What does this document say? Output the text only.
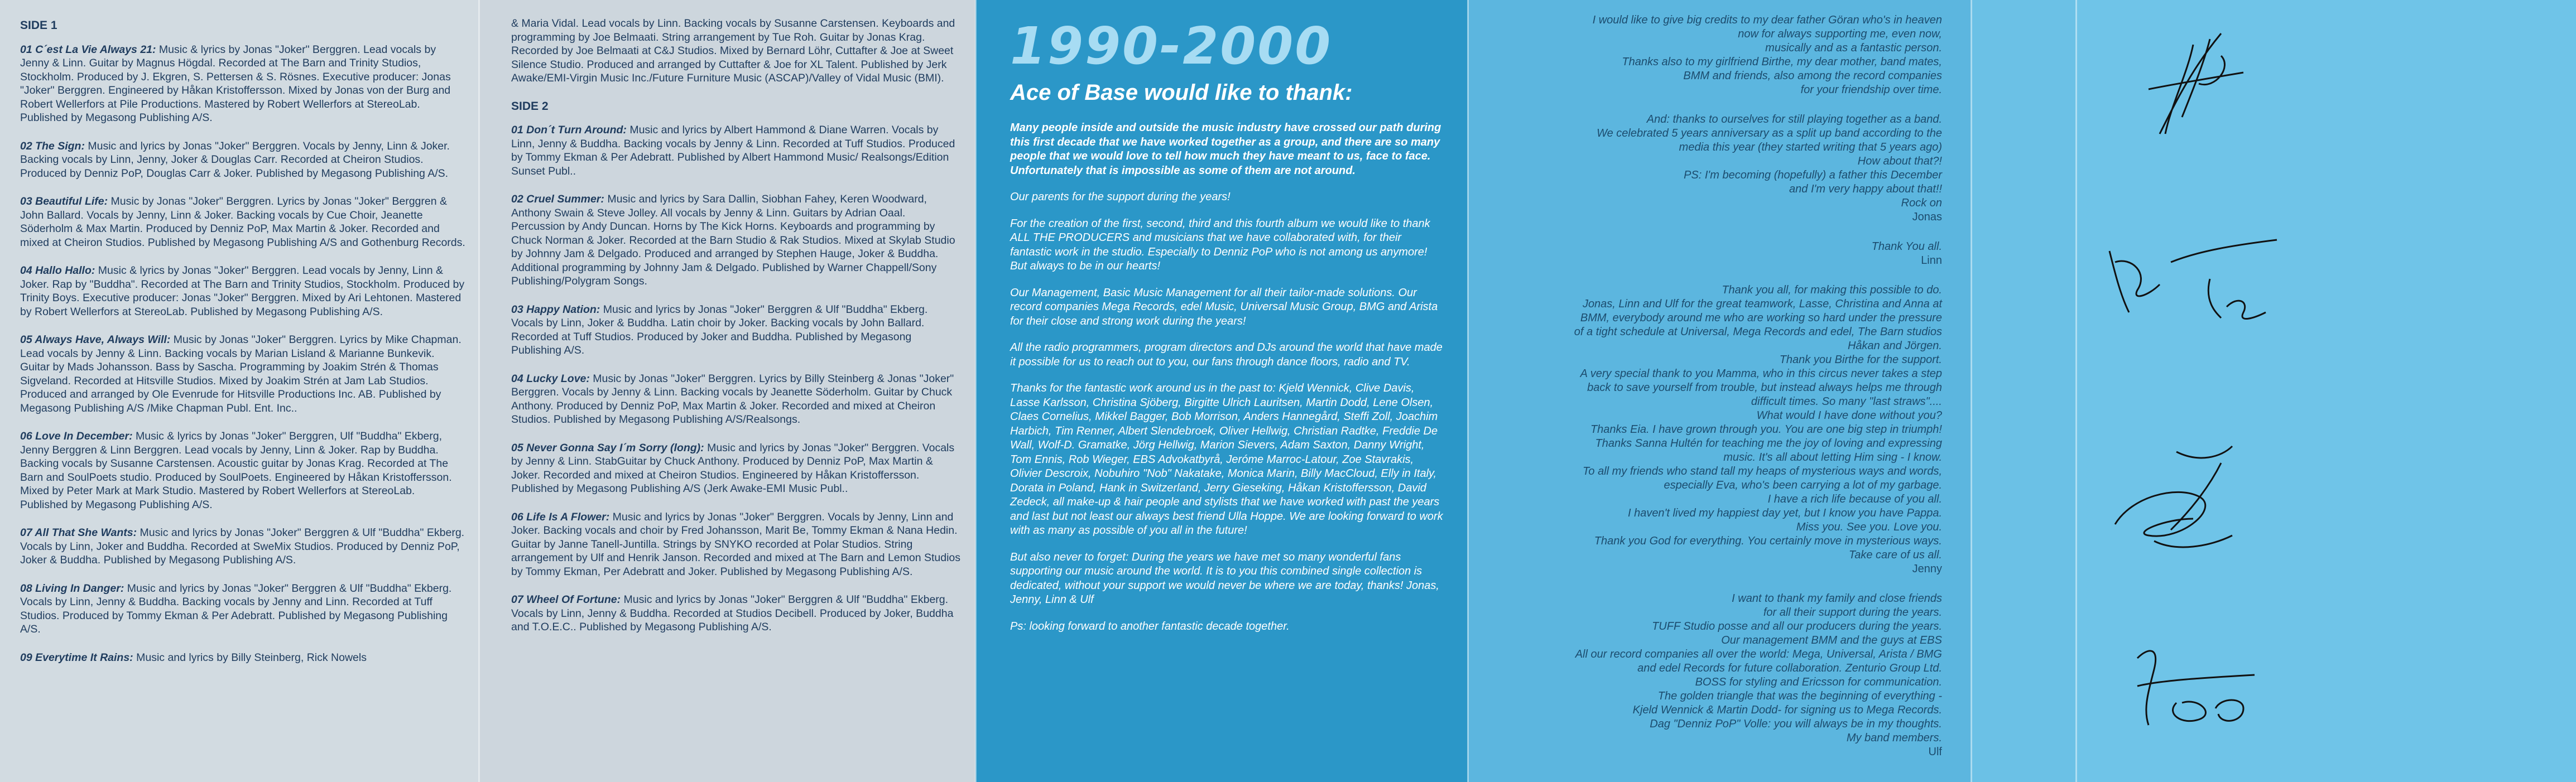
SIDE 1
01 C´est La Vie Always 21: Music & lyrics by Jonas "Joker" Berggren. Lead vocals by Jenny & Linn. Guitar by Magnus Högdal. Recorded at The Barn and Trinity Studios, Stockholm. Produced by J. Ekgren, S. Pettersen & S. Rösnes. Executive producer: Jonas "Joker" Berggren. Engineered by Håkan Kristoffersson. Mixed by Jonas von der Burg and Robert Wellerfors at Pile Productions. Mastered by Robert Wellerfors at StereoLab. Published by Megasong Publishing A/S.
02 The Sign: Music and lyrics by Jonas "Joker" Berggren. Vocals by Jenny, Linn & Joker. Backing vocals by Linn, Jenny, Joker & Douglas Carr. Recorded at Cheiron Studios. Produced by Denniz PoP, Douglas Carr & Joker. Published by Megasong Publishing A/S.
03 Beautiful Life: Music by Jonas "Joker" Berggren. Lyrics by Jonas "Joker" Berggren & John Ballard. Vocals by Jenny, Linn & Joker. Backing vocals by Cue Choir, Jeanette Söderholm & Max Martin. Produced by Denniz PoP, Max Martin & Joker. Recorded and mixed at Cheiron Studios. Published by Megasong Publishing A/S and Gothenburg Records.
04 Hallo Hallo: Music & lyrics by Jonas "Joker" Berggren. Lead vocals by Jenny, Linn & Joker. Rap by "Buddha". Recorded at The Barn and Trinity Studios, Stockholm. Produced by Trinity Boys. Executive producer: Jonas "Joker" Berggren. Mixed by Ari Lehtonen. Mastered by Robert Wellerfors at StereoLab. Published by Megasong Publishing A/S.
05 Always Have, Always Will: Music by Jonas "Joker" Berggren. Lyrics by Mike Chapman. Lead vocals by Jenny & Linn. Backing vocals by Marian Lisland & Marianne Bunkevik. Guitar by Mads Johansson. Bass by Sascha. Programming by Joakim Strén & Thomas Sigveland. Recorded at Hitsville Studios. Mixed by Joakim Strén at Jam Lab Studios. Produced and arranged by Ole Evenrude for Hitsville Productions Inc. AB. Published by Megasong Publishing A/S /Mike Chapman Publ. Ent. Inc..
06 Love In December: Music & lyrics by Jonas "Joker" Berggren, Ulf "Buddha" Ekberg, Jenny Berggren & Linn Berggren. Lead vocals by Jenny, Linn & Joker. Rap by Buddha. Backing vocals by Susanne Carstensen. Acoustic guitar by Jonas Krag. Recorded at The Barn and SoulPoets studio. Produced by SoulPoets. Engineered by Håkan Kristoffersson. Mixed by Peter Mark at Mark Studio. Mastered by Robert Wellerfors at StereoLab. Published by Megasong Publishing A/S.
07 All That She Wants: Music and lyrics by Jonas "Joker" Berggren & Ulf "Buddha" Ekberg. Vocals by Linn, Joker and Buddha. Recorded at SweMix Studios. Produced by Denniz PoP, Joker & Buddha. Published by Megasong Publishing A/S.
08 Living In Danger: Music and lyrics by Jonas "Joker" Berggren & Ulf "Buddha" Ekberg. Vocals by Linn, Jenny & Buddha. Backing vocals by Jenny and Linn. Recorded at Tuff Studios. Produced by Tommy Ekman & Per Adebratt. Published by Megasong Publishing A/S.
09 Everytime It Rains: Music and lyrics by Billy Steinberg, Rick Nowels
& Maria Vidal. Lead vocals by Linn. Backing vocals by Susanne Carstensen. Keyboards and programming by Joe Belmaati. String arrangement by Tue Roh. Guitar by Jonas Krag. Recorded by Joe Belmaati at C&J Studios. Mixed by Bernard Löhr, Cuttafter & Joe at Sweet Silence Studio. Produced and arranged by Cuttafter & Joe for XL Talent. Published by Jerk Awake/EMI-Virgin Music Inc./Future Furniture Music (ASCAP)/Valley of Vidal Music (BMI).
SIDE 2
01 Don´t Turn Around: Music and lyrics by Albert Hammond & Diane Warren. Vocals by Linn, Jenny & Buddha. Backing vocals by Jenny & Linn. Recorded at Tuff Studios. Produced by Tommy Ekman & Per Adebratt. Published by Albert Hammond Music/ Realsongs/Edition Sunset Publ..
02 Cruel Summer: Music and lyrics by Sara Dallin, Siobhan Fahey, Keren Woodward, Anthony Swain & Steve Jolley. All vocals by Jenny & Linn. Guitars by Adrian Oaal. Percussion by Andy Duncan. Horns by The Kick Horns. Keyboards and programming by Chuck Norman & Joker. Recorded at the Barn Studio & Rak Studios. Mixed at Skylab Studio by Johnny Jam & Delgado. Produced and arranged by Stephen Hauge, Joker & Buddha. Additional programming by Johnny Jam & Delgado. Published by Warner Chappell/Sony Publishing/Polygram Songs.
03 Happy Nation: Music and lyrics by Jonas "Joker" Berggren & Ulf "Buddha" Ekberg. Vocals by Linn, Joker & Buddha. Latin choir by Joker. Backing vocals by John Ballard. Recorded at Tuff Studios. Produced by Joker and Buddha. Published by Megasong Publishing A/S.
04 Lucky Love: Music by Jonas "Joker" Berggren. Lyrics by Billy Steinberg & Jonas "Joker" Berggren. Vocals by Jenny & Linn. Backing vocals by Jeanette Söderholm. Guitar by Chuck Anthony. Produced by Denniz PoP, Max Martin & Joker. Recorded and mixed at Cheiron Studios. Published by Megasong Publishing A/S/Realsongs.
05 Never Gonna Say I´m Sorry (long): Music and lyrics by Jonas "Joker" Berggren. Vocals by Jenny & Linn. StabGuitar by Chuck Anthony. Produced by Denniz PoP, Max Martin & Joker. Recorded and mixed at Cheiron Studios. Engineered by Håkan Kristoffersson. Published by Megasong Publishing A/S (Jerk Awake-EMI Music Publ..
06 Life Is A Flower: Music and lyrics by Jonas "Joker" Berggren. Vocals by Jenny, Linn and Joker. Backing vocals and choir by Fred Johansson, Marit Be, Tommy Ekman & Nana Hedin. Guitar by Janne Tanell-Juntilla. Strings by SNYKO recorded at Polar Studios. String arrangement by Ulf and Henrik Janson. Recorded and mixed at The Barn and Lemon Studios by Tommy Ekman, Per Adebratt and Joker. Published by Megasong Publishing A/S.
07 Wheel Of Fortune: Music and lyrics by Jonas "Joker" Berggren & Ulf "Buddha" Ekberg. Vocals by Linn, Jenny & Buddha. Recorded at Studios Decibell. Produced by Joker, Buddha and T.O.E.C.. Published by Megasong Publishing A/S.
1990-2000
Ace of Base would like to thank:

Many people inside and outside the music industry have crossed our path during this first decade that we have worked together as a group, and there are so many people that we would love to tell how much they have meant to us, face to face. Unfortunately that is impossible as some of them are not around.

Our parents for the support during the years!

For the creation of the first, second, third and this fourth album we would like to thank ALL THE PRODUCERS and musicians that we have collaborated with, for their fantastic work in the studio. Especially to Denniz PoP who is not among us anymore! But always to be in our hearts!

Our Management, Basic Music Management for all their tailor-made solutions. Our record companies Mega Records, edel Music, Universal Music Group, BMG and Arista for their close and strong work during the years!

All the radio programmers, program directors and DJs around the world that have made it possible for us to reach out to you, our fans through dance floors, radio and TV.

Thanks for the fantastic work around us in the past to: Kjeld Wennick, Clive Davis, Lasse Karlsson, Christina Sjöberg, Birgitte Ulrich Lauritsen, Martin Dodd, Lene Olsen, Claes Cornelius, Mikkel Bagger, Bob Morrison, Anders Hannegård, Steffi Zoll, Joachim Harbich, Tim Renner, Albert Slendebroek, Oliver Hellwig, Christian Radtke, Freddie De Wall, Wolf-D. Gramatke, Jörg Hellwig, Marion Sievers, Adam Saxton, Danny Wright, Tom Ennis, Rob Wieger, EBS Advokatbyrå, Jeróme Marroc-Latour, Zoe Stavrakis, Olivier Descroix, Nobuhiro "Nob" Nakatake, Monica Marin, Billy MacCloud, Elly in Italy, Dorata in Poland, Hank in Switzerland, Jerry Gieseking, Håkan Kristoffersson, David Zedeck, all make-up & hair people and stylists that we have worked with past the years and last but not least our always best friend Ulla Hoppe. We are looking forward to work with as many as possible of you all in the future!

But also never to forget: During the years we have met so many wonderful fans supporting our music around the world. It is to you this combined single collection is dedicated, without your support we would never be where we are today, thanks! Jonas, Jenny, Linn & Ulf

Ps: looking forward to another fantastic decade together.

I would like to give big credits to my dear father Göran who's in heaven

now for always supporting me, even now,

musically and as a fantastic person.

Thanks also to my girlfriend Birthe, my dear mother, band mates,

BMM and friends, also among the record companies

for your friendship over time.

And: thanks to ourselves for still playing together as a band.

We celebrated 5 years anniversary as a split up band according to the

media this year (they started writing that 5 years ago)

How about that?!

PS: I'm becoming (hopefully) a father this December

and I'm very happy about that!!

Rock on

Jonas

Thank You all.

Linn

Thank you all, for making this possible to do.

Jonas, Linn and Ulf for the great teamwork, Lasse, Christina and Anna at

BMM, everybody around me who are working so hard under the pressure

of a tight schedule at Universal, Mega Records and edel, The Barn studios

Håkan and Jörgen.

Thank you Birthe for the support.

A very special thank to you Mamma, who in this circus never takes a step

back to save yourself from trouble, but instead always helps me through

difficult times. So many "last straws"....

What would I have done without you?

Thanks Eia. I have grown through you. You are one big step in triumph!

Thanks Sanna Hultén for teaching me the joy of loving and expressing

music. It's all about letting Him sing - I know.

To all my friends who stand tall my heaps of mysterious ways and words,

especially Eva, who's been carrying a lot of my garbage.

I have a rich life because of you all.

I haven't lived my happiest day yet, but I know you have Pappa.

Miss you. See you. Love you.

Thank you God for everything. You certainly move in mysterious ways.

Take care of us all.

Jenny

I want to thank my family and close friends

for all their support during the years.

TUFF Studio posse and all our producers during the years.

Our management BMM and the guys at EBS

All our record companies all over the world: Mega, Universal, Arista / BMG

and edel Records for future collaboration. Zenturio Group Ltd.

BOSS for styling and Ericsson for communication.

The golden triangle that was the beginning of everything -

Kjeld Wennick & Martin Dodd- for signing us to Mega Records.

Dag "Denniz PoP" Volle: you will always be in my thoughts.

My band members.

Ulf
